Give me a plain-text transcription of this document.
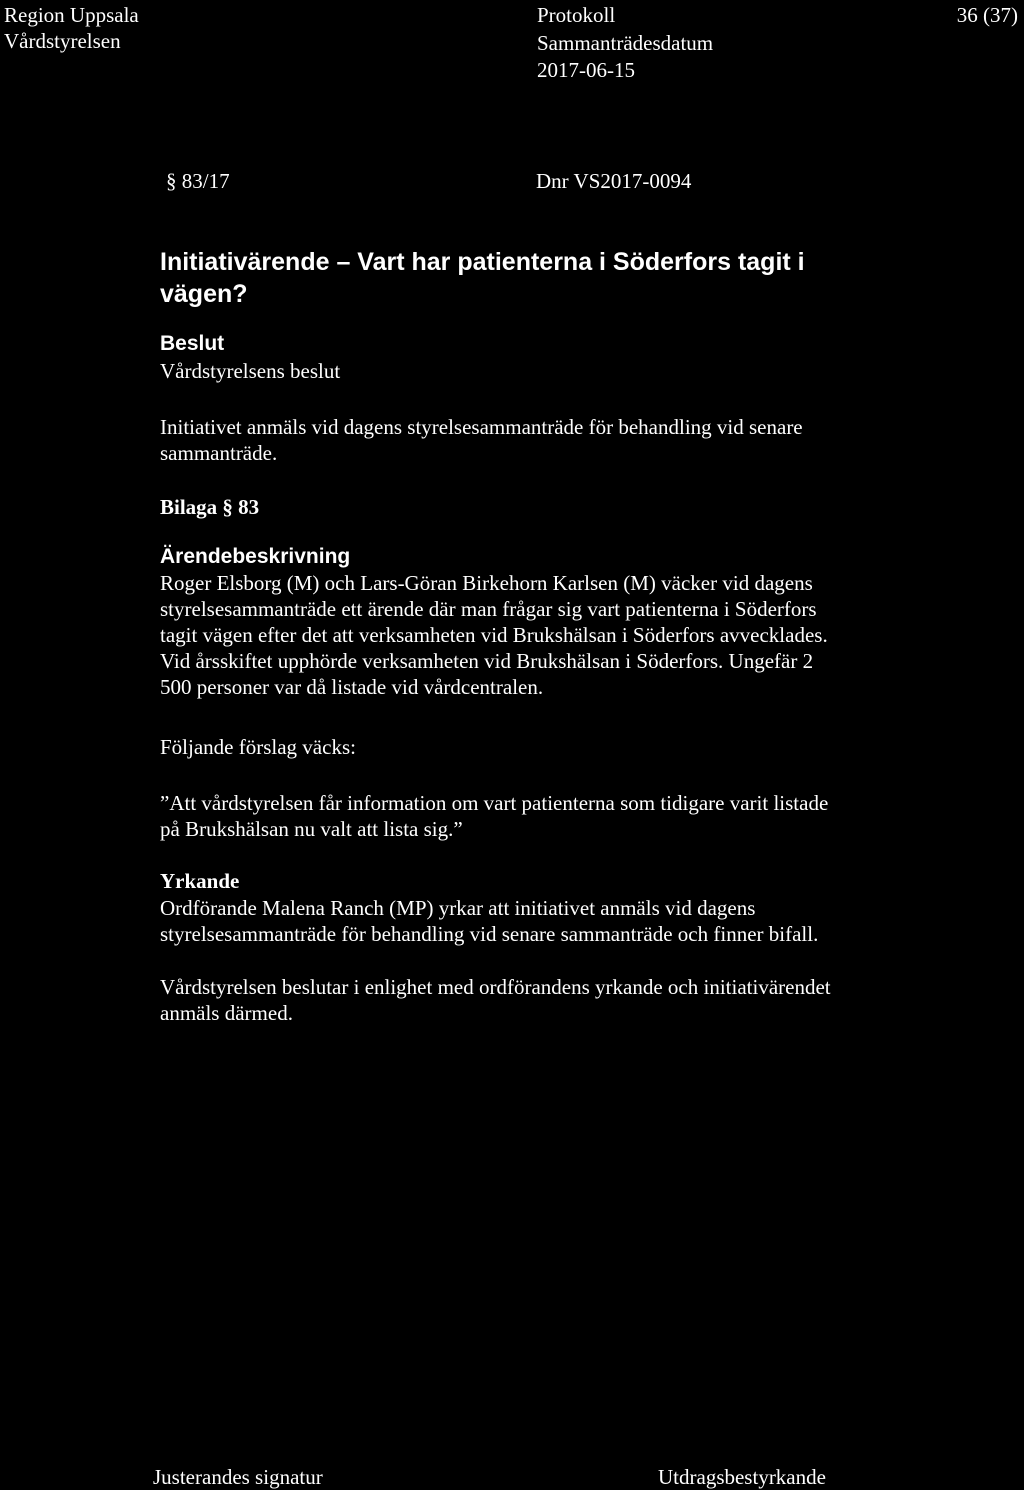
Region Uppsala
Vårdstyrelsen
Protokoll
Sammanträdesdatum
2017-06-15
36 (37)
§ 83/17	Dnr VS2017-0094

Initiativärende – Vart har patienterna i Söderfors tagit i

vägen?

Beslut
Vårdstyrelsens beslut

Initiativet anmäls vid dagens styrelsesammanträde för behandling vid senare

sammanträde.

Bilaga § 83
Ärendebeskrivning

Roger Elsborg (M) och Lars-Göran Birkehorn Karlsen (M) väcker vid dagens

styrelsesammanträde ett ärende där man frågar sig vart patienterna i Söderfors

tagit vägen efter det att verksamheten vid Brukshälsan i Söderfors avvecklades.

Vid årsskiftet upphörde verksamheten vid Brukshälsan i Söderfors. Ungefär 2

500 personer var då listade vid vårdcentralen.

Följande förslag väcks:

”Att vårdstyrelsen får information om vart patienterna som tidigare varit listade

på Brukshälsan nu valt att lista sig.”

Yrkande

Ordförande Malena Ranch (MP) yrkar att initiativet anmäls vid dagens

styrelsesammanträde för behandling vid senare sammanträde och finner bifall.

Vårdstyrelsen beslutar i enlighet med ordförandens yrkande och initiativärendet

anmäls därmed.

Justerandes signatur	Utdragsbestyrkande
